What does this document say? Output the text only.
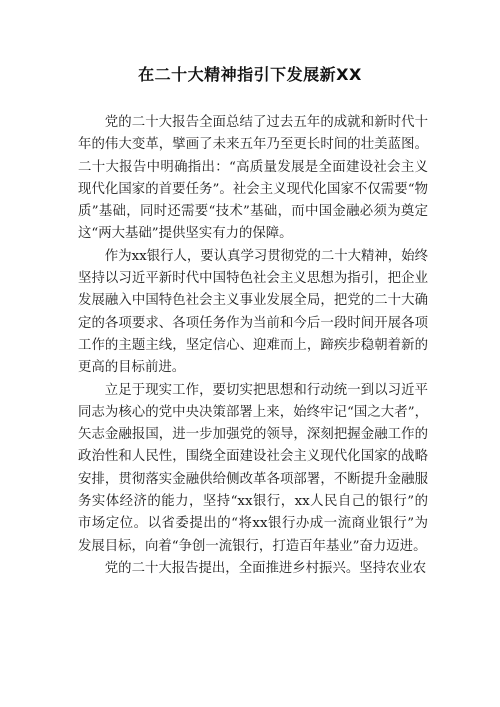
在二十大精神指引下发展新XX

党的二十大报告全面总结了过去五年的成就和新时代十年的伟大变革，擘画了未来五年乃至更长时间的壮美蓝图。二十大报告中明确指出：“高质量发展是全面建设社会主义现代化国家的首要任务”。社会主义现代化国家不仅需要“物质”基础，同时还需要“技术”基础，而中国金融必须为奠定这“两大基础”提供坚实有力的保障。

作为xx银行人，要认真学习贯彻党的二十大精神，始终坚持以习近平新时代中国特色社会主义思想为指引，把企业发展融入中国特色社会主义事业发展全局，把党的二十大确定的各项要求、各项任务作为当前和今后一段时间开展各项工作的主题主线，坚定信心、迎难而上，蹄疾步稳朝着新的更高的目标前进。

立足于现实工作，要切实把思想和行动统一到以习近平同志为核心的党中央决策部署上来，始终牢记“国之大者”，矢志金融报国，进一步加强党的领导，深刻把握金融工作的政治性和人民性，围绕全面建设社会主义现代化国家的战略安排，贯彻落实金融供给侧改革各项部署，不断提升金融服务实体经济的能力，坚持“xx银行，xx人民自己的银行”的市场定位。以省委提出的“将xx银行办成一流商业银行”为发展目标，向着“争创一流银行，打造百年基业”奋力迈进。

党的二十大报告提出，全面推进乡村振兴。坚持农业农
